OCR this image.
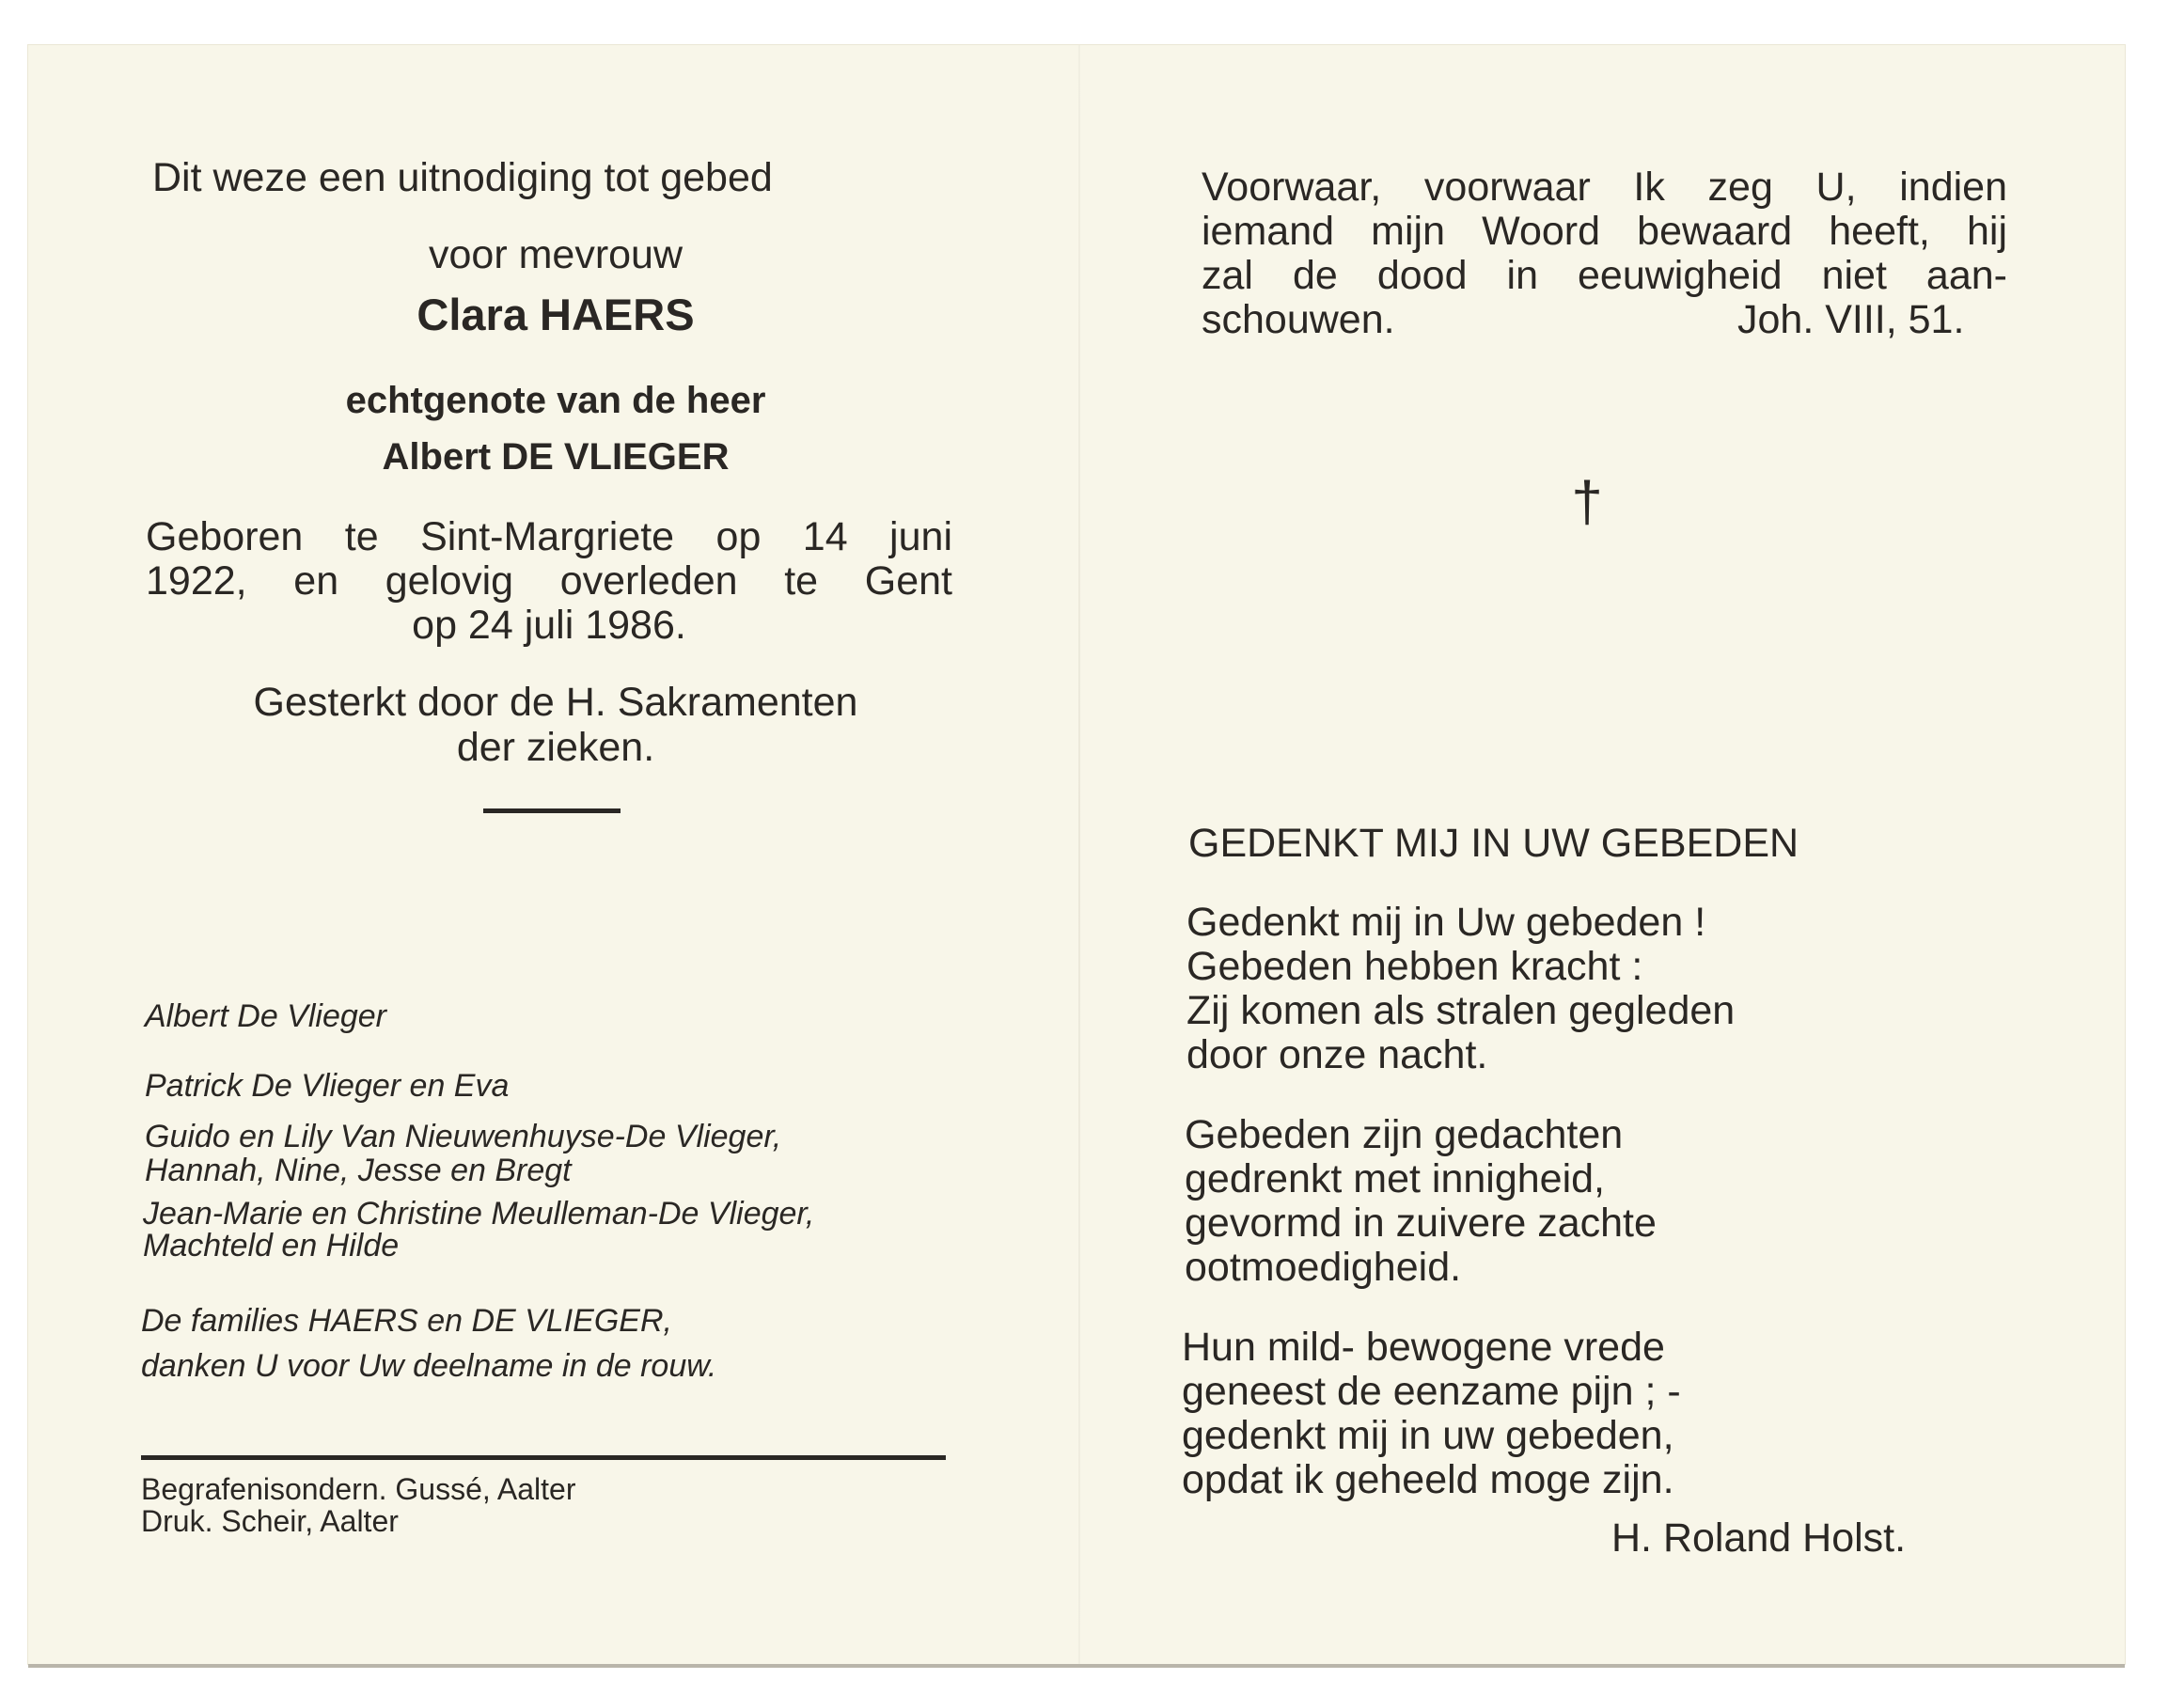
Dit weze een uitnodiging tot gebed
voor mevrouw
Clara HAERS
echtgenote van de heer
Albert DE VLIEGER
Geboren te Sint-Margriete op 14 juni
1922, en gelovig overleden te Gent
op 24 juli 1986.
Gesterkt door de H. Sakramenten
der zieken.
Albert De Vlieger
Patrick De Vlieger en Eva
Guido en Lily Van Nieuwenhuyse-De Vlieger,
Hannah, Nine, Jesse en Bregt
Jean-Marie en Christine Meulleman-De Vlieger,
Machteld en Hilde
De families HAERS en DE VLIEGER,
danken U voor Uw deelname in de rouw.
Begrafenisondern. Gussé, Aalter
Druk. Scheir, Aalter
Voorwaar, voorwaar Ik zeg U, indien
iemand mijn Woord bewaard heeft, hij
zal de dood in eeuwigheid niet aan-
schouwen.	Joh. VIII, 51.
†
GEDENKT MIJ IN UW GEBEDEN
Gedenkt mij in Uw gebeden !
Gebeden hebben kracht :
Zij komen als stralen gegleden
door onze nacht.
Gebeden zijn gedachten
gedrenkt met innigheid,
gevormd in zuivere zachte
ootmoedigheid.
Hun mild- bewogene vrede
geneest de eenzame pijn ; -
gedenkt mij in uw gebeden,
opdat ik geheeld moge zijn.
H. Roland Holst.
